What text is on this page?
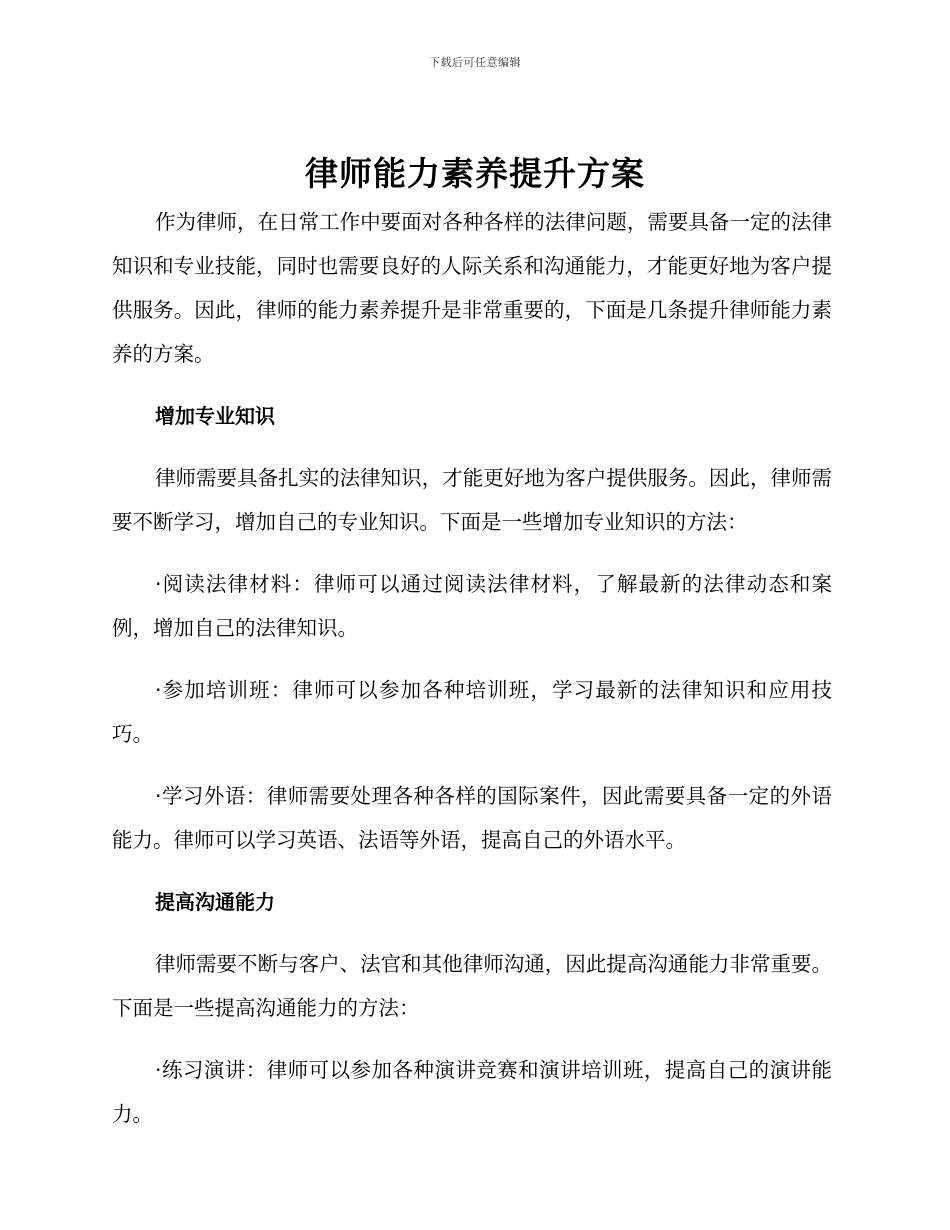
下载后可任意编辑
律师能力素养提升方案

作为律师，在日常工作中要面对各种各样的法律问题，需要具备一定的法律知识和专业技能，同时也需要良好的人际关系和沟通能力，才能更好地为客户提供服务。因此，律师的能力素养提升是非常重要的，下面是几条提升律师能力素养的方案。

增加专业知识

律师需要具备扎实的法律知识，才能更好地为客户提供服务。因此，律师需要不断学习，增加自己的专业知识。下面是一些增加专业知识的方法：

·阅读法律材料：律师可以通过阅读法律材料，了解最新的法律动态和案例，增加自己的法律知识。

·参加培训班：律师可以参加各种培训班，学习最新的法律知识和应用技巧。

·学习外语：律师需要处理各种各样的国际案件，因此需要具备一定的外语能力。律师可以学习英语、法语等外语，提高自己的外语水平。

提高沟通能力

律师需要不断与客户、法官和其他律师沟通，因此提高沟通能力非常重要。下面是一些提高沟通能力的方法：

·练习演讲：律师可以参加各种演讲竞赛和演讲培训班，提高自己的演讲能力。
